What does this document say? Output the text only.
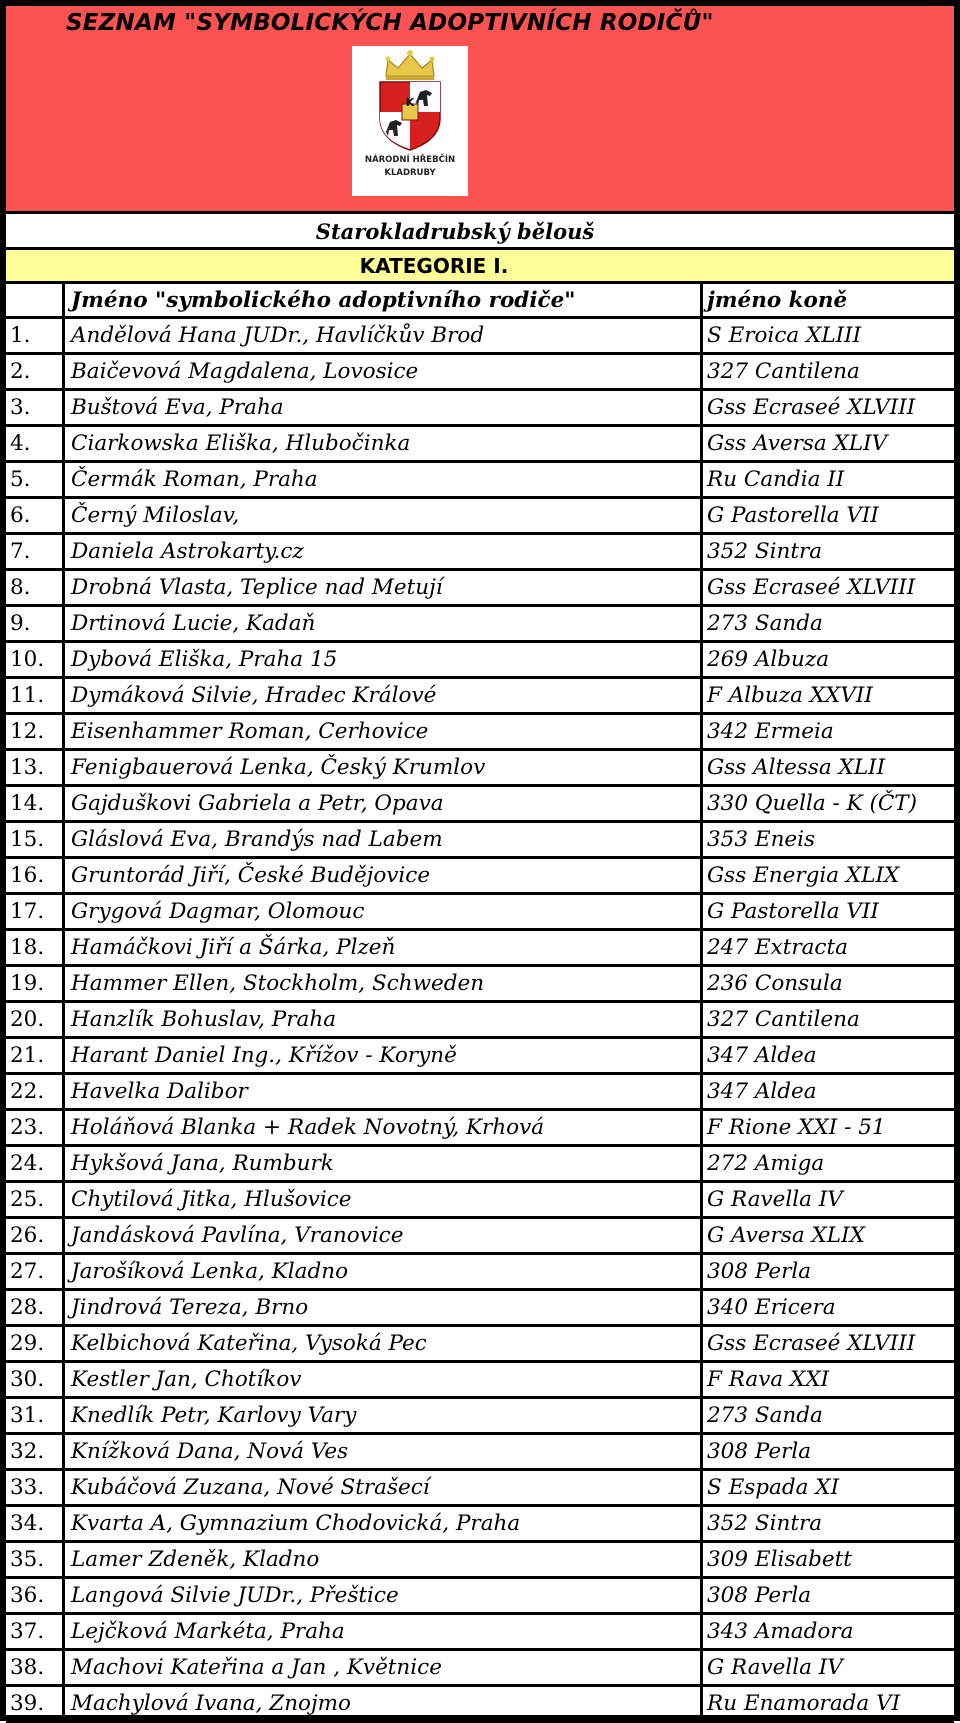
SEZNAM "SYMBOLICKÝCH ADOPTIVNÍCH RODIČŮ"
K
NÁRODNÍ HŘEBČÍN
KLADRUBY
Starokladrubský bělouš
KATEGORIE I.
Jméno "symbolického adoptivního rodiče"	jméno koně
1.	Andělová Hana JUDr., Havlíčkův Brod	S Eroica XLIII
2.	Baičevová Magdalena, Lovosice	327 Cantilena
3.	Buštová Eva, Praha	Gss Ecraseé XLVIII
4.	Ciarkowska Eliška, Hlubočinka	Gss Aversa XLIV
5.	Čermák Roman, Praha	Ru Candia II
6.	Černý Miloslav,	G Pastorella VII
7.	Daniela Astrokarty.cz	352 Sintra
8.	Drobná Vlasta, Teplice nad Metují	Gss Ecraseé XLVIII
9.	Drtinová Lucie, Kadaň	273 Sanda
10.	Dybová Eliška, Praha 15	269 Albuza
11.	Dymáková Silvie, Hradec Králové	F Albuza XXVII
12.	Eisenhammer Roman, Cerhovice	342 Ermeia
13.	Fenigbauerová Lenka, Český Krumlov	Gss Altessa XLII
14.	Gajduškovi Gabriela a Petr, Opava	330 Quella - K (ČT)
15.	Gláslová Eva, Brandýs nad Labem	353 Eneis
16.	Gruntorád Jiří, České Budějovice	Gss Energia XLIX
17.	Grygová Dagmar, Olomouc	G Pastorella VII
18.	Hamáčkovi Jiří a Šárka, Plzeň	247 Extracta
19.	Hammer Ellen, Stockholm, Schweden	236 Consula
20.	Hanzlík Bohuslav, Praha	327 Cantilena
21.	Harant Daniel Ing., Křížov - Koryně	347 Aldea
22.	Havelka Dalibor	347 Aldea
23.	Holáňová Blanka + Radek Novotný, Krhová	F Rione XXI - 51
24.	Hykšová Jana, Rumburk	272 Amiga
25.	Chytilová Jitka, Hlušovice	G Ravella IV
26.	Jandásková Pavlína, Vranovice	G Aversa XLIX
27.	Jarošíková Lenka, Kladno	308 Perla
28.	Jindrová Tereza, Brno	340 Ericera
29.	Kelbichová Kateřina, Vysoká Pec	Gss Ecraseé XLVIII
30.	Kestler Jan, Chotíkov	F Rava XXI
31.	Knedlík Petr, Karlovy Vary	273 Sanda
32.	Knížková Dana, Nová Ves	308 Perla
33.	Kubáčová Zuzana, Nové Strašecí	S Espada XI
34.	Kvarta A, Gymnazium Chodovická, Praha	352 Sintra
35.	Lamer Zdeněk, Kladno	309 Elisabett
36.	Langová Silvie JUDr., Přeštice	308 Perla
37.	Lejčková Markéta, Praha	343 Amadora
38.	Machovi Kateřina a Jan , Květnice	G Ravella IV
39.	Machylová Ivana, Znojmo	Ru Enamorada VI
